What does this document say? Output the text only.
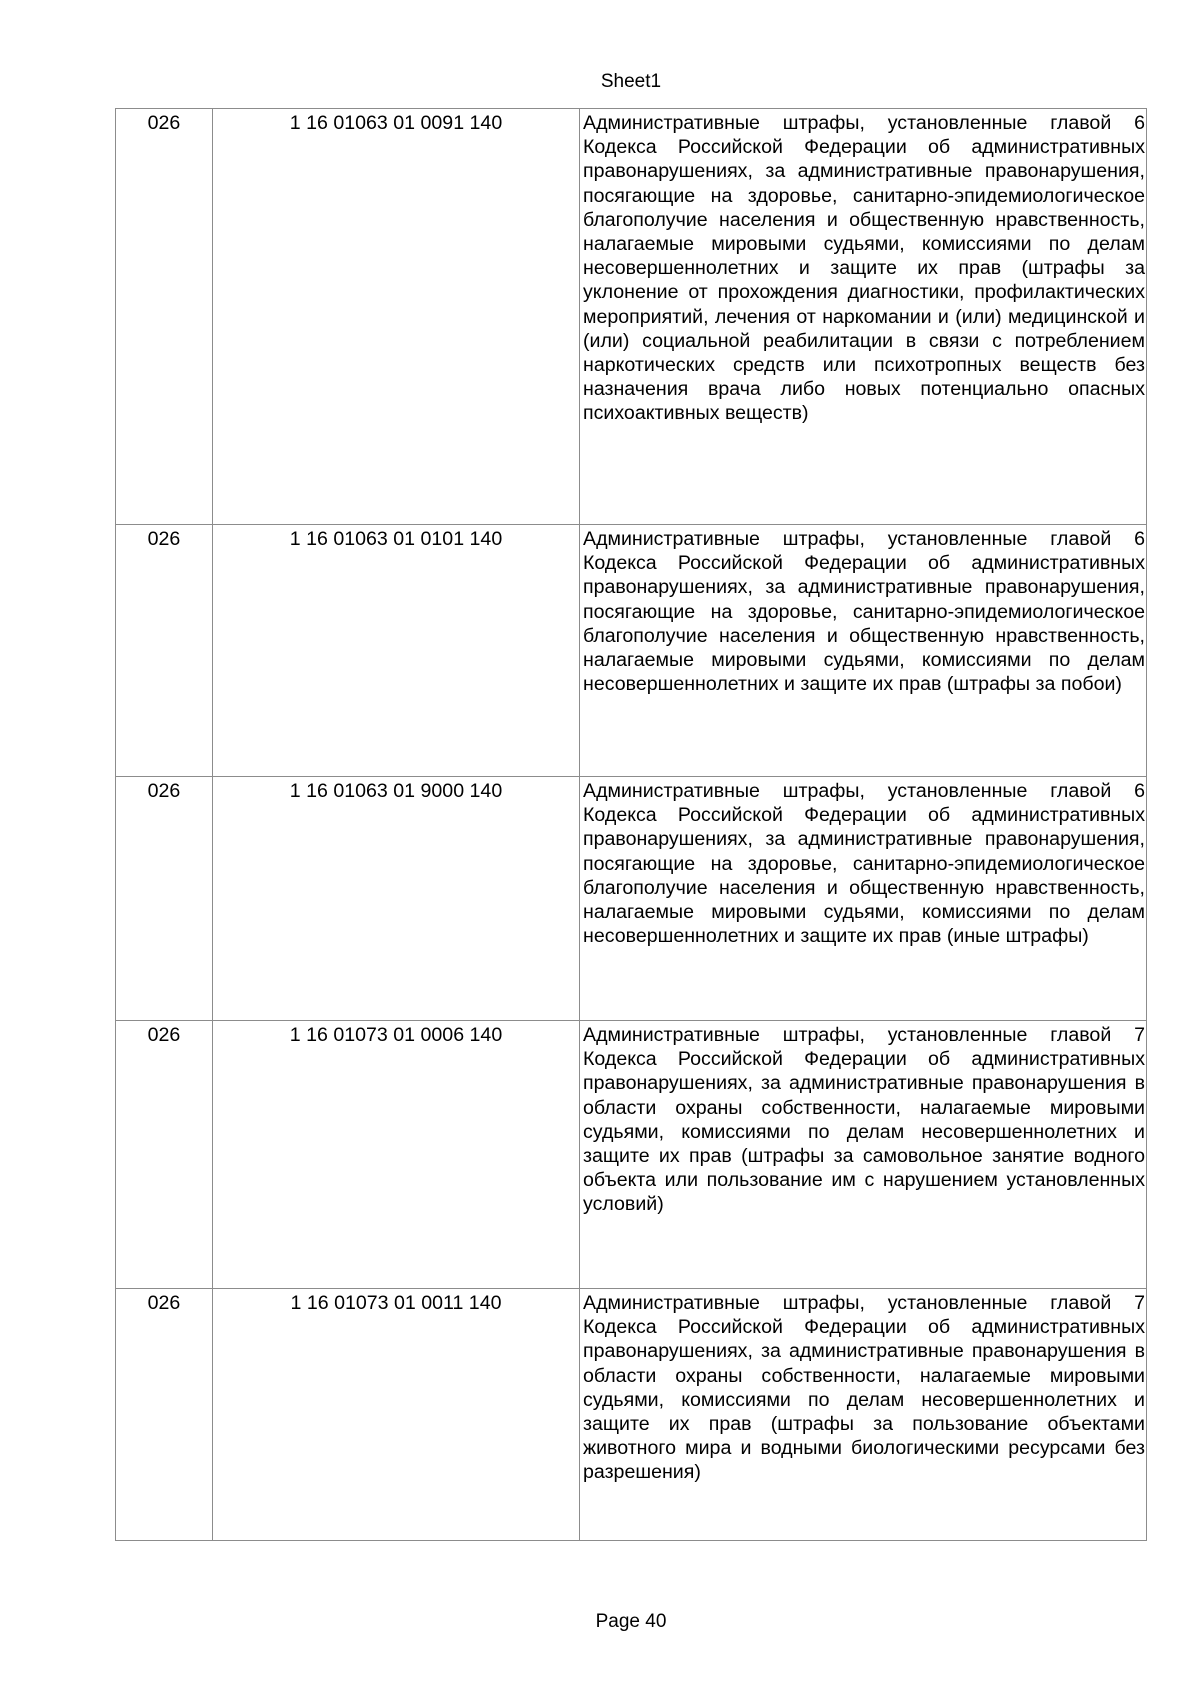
Sheet1
026	1 16 01063 01 0091 140	Административные штрафы, установленные главой 6 Кодекса Российской Федерации об административных правонарушениях, за административные правонарушения, посягающие на здоровье, санитарно-эпидемиологическое благополучие населения и общественную нравственность, налагаемые мировыми судьями, комиссиями по делам несовершеннолетних и защите их прав (штрафы за уклонение от прохождения диагностики, профилактических мероприятий, лечения от наркомании и (или) медицинской и (или) социальной реабилитации в связи с потреблением наркотических средств или психотропных веществ без назначения врача либо новых потенциально опасных психоактивных веществ)

026	1 16 01063 01 0101 140	Административные штрафы, установленные главой 6 Кодекса Российской Федерации об административных правонарушениях, за административные правонарушения, посягающие на здоровье, санитарно-эпидемиологическое благополучие населения и общественную нравственность, налагаемые мировыми судьями, комиссиями по делам несовершеннолетних и защите их прав (штрафы за побои)

026	1 16 01063 01 9000 140	Административные штрафы, установленные главой 6 Кодекса Российской Федерации об административных правонарушениях, за административные правонарушения, посягающие на здоровье, санитарно-эпидемиологическое благополучие населения и общественную нравственность, налагаемые мировыми судьями, комиссиями по делам несовершеннолетних и защите их прав (иные штрафы)

026	1 16 01073 01 0006 140	Административные штрафы, установленные главой 7 Кодекса Российской Федерации об административных правонарушениях, за административные правонарушения в области охраны собственности, налагаемые мировыми судьями, комиссиями по делам несовершеннолетних и защите их прав (штрафы за самовольное занятие водного объекта или пользование им с нарушением установленных условий)

026	1 16 01073 01 0011 140	Административные штрафы, установленные главой 7 Кодекса Российской Федерации об административных правонарушениях, за административные правонарушения в области охраны собственности, налагаемые мировыми судьями, комиссиями по делам несовершеннолетних и защите их прав (штрафы за пользование объектами животного мира и водными биологическими ресурсами без разрешения)
Page 40
